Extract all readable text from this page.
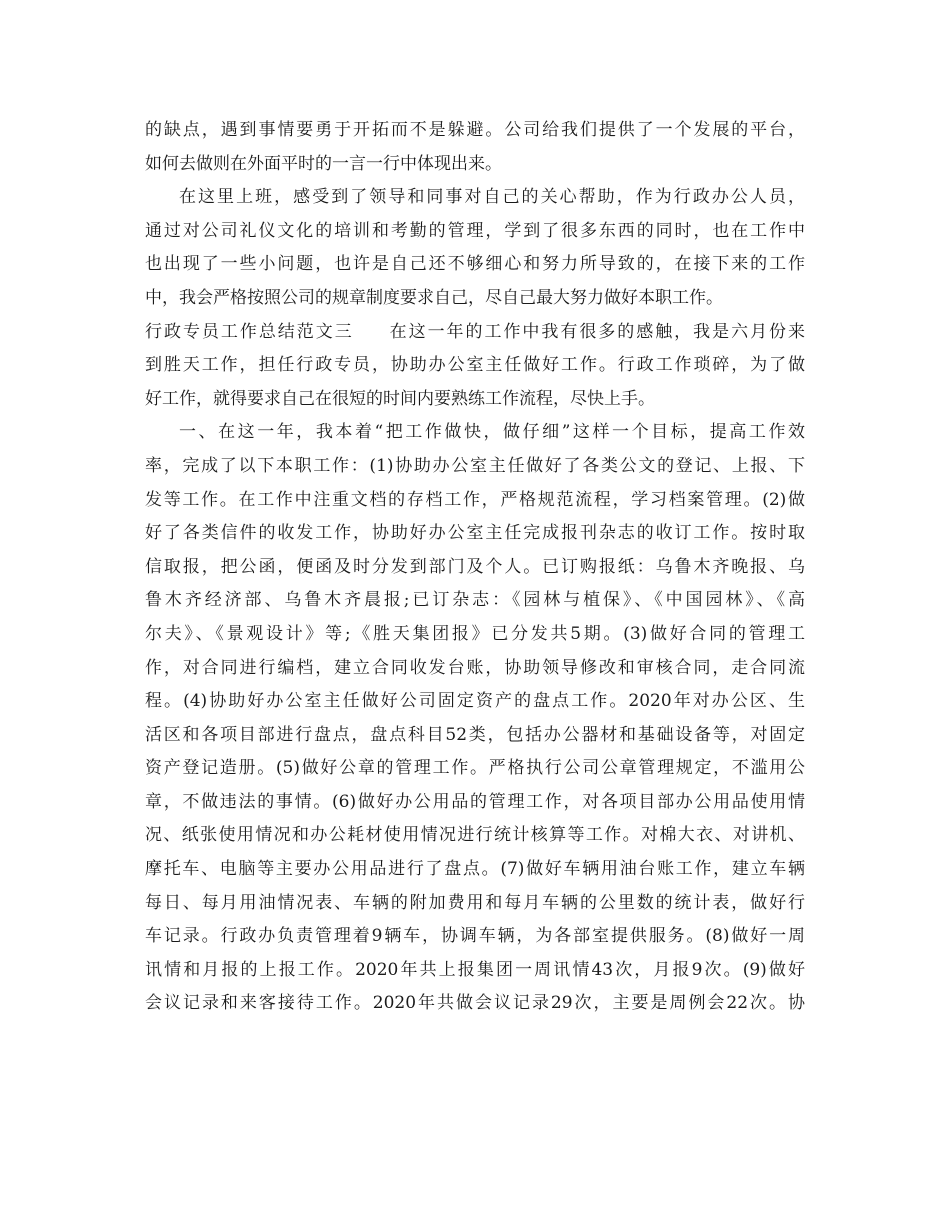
的缺点，遇到事情要勇于开拓而不是躲避。公司给我们提供了一个发展的平台，
如何去做则在外面平时的一言一行中体现出来。
在这里上班，感受到了领导和同事对自己的关心帮助，作为行政办公人员，
通过对公司礼仪文化的培训和考勤的管理，学到了很多东西的同时，也在工作中
也出现了一些小问题，也许是自己还不够细心和努力所导致的，在接下来的工作
中，我会严格按照公司的规章制度要求自己，尽自己最大努力做好本职工作。
行政专员工作总结范文三 在这一年的工作中我有很多的感触，我是六月份来
到胜天工作，担任行政专员，协助办公室主任做好工作。行政工作琐碎，为了做
好工作，就得要求自己在很短的时间内要熟练工作流程，尽快上手。
一、在这一年，我本着“把工作做快，做仔细”这样一个目标，提高工作效
率，完成了以下本职工作：(1)协助办公室主任做好了各类公文的登记、上报、下
发等工作。在工作中注重文档的存档工作，严格规范流程，学习档案管理。(2)做
好了各类信件的收发工作，协助好办公室主任完成报刊杂志的收订工作。按时取
信取报，把公函，便函及时分发到部门及个人。已订购报纸：乌鲁木齐晚报、乌
鲁木齐经济部、乌鲁木齐晨报;已订杂志：《园林与植保》、《中国园林》、《高
尔夫》、《景观设计》等;《胜天集团报》已分发共5期。(3)做好合同的管理工
作，对合同进行编档，建立合同收发台账，协助领导修改和审核合同，走合同流
程。(4)协助好办公室主任做好公司固定资产的盘点工作。2020年对办公区、生
活区和各项目部进行盘点，盘点科目52类，包括办公器材和基础设备等，对固定
资产登记造册。(5)做好公章的管理工作。严格执行公司公章管理规定，不滥用公
章，不做违法的事情。(6)做好办公用品的管理工作，对各项目部办公用品使用情
况、纸张使用情况和办公耗材使用情况进行统计核算等工作。对棉大衣、对讲机、
摩托车、电脑等主要办公用品进行了盘点。(7)做好车辆用油台账工作，建立车辆
每日、每月用油情况表、车辆的附加费用和每月车辆的公里数的统计表，做好行
车记录。行政办负责管理着9辆车，协调车辆，为各部室提供服务。(8)做好一周
讯情和月报的上报工作。2020年共上报集团一周讯情43次，月报9次。(9)做好
会议记录和来客接待工作。2020年共做会议记录29次，主要是周例会22次。协
